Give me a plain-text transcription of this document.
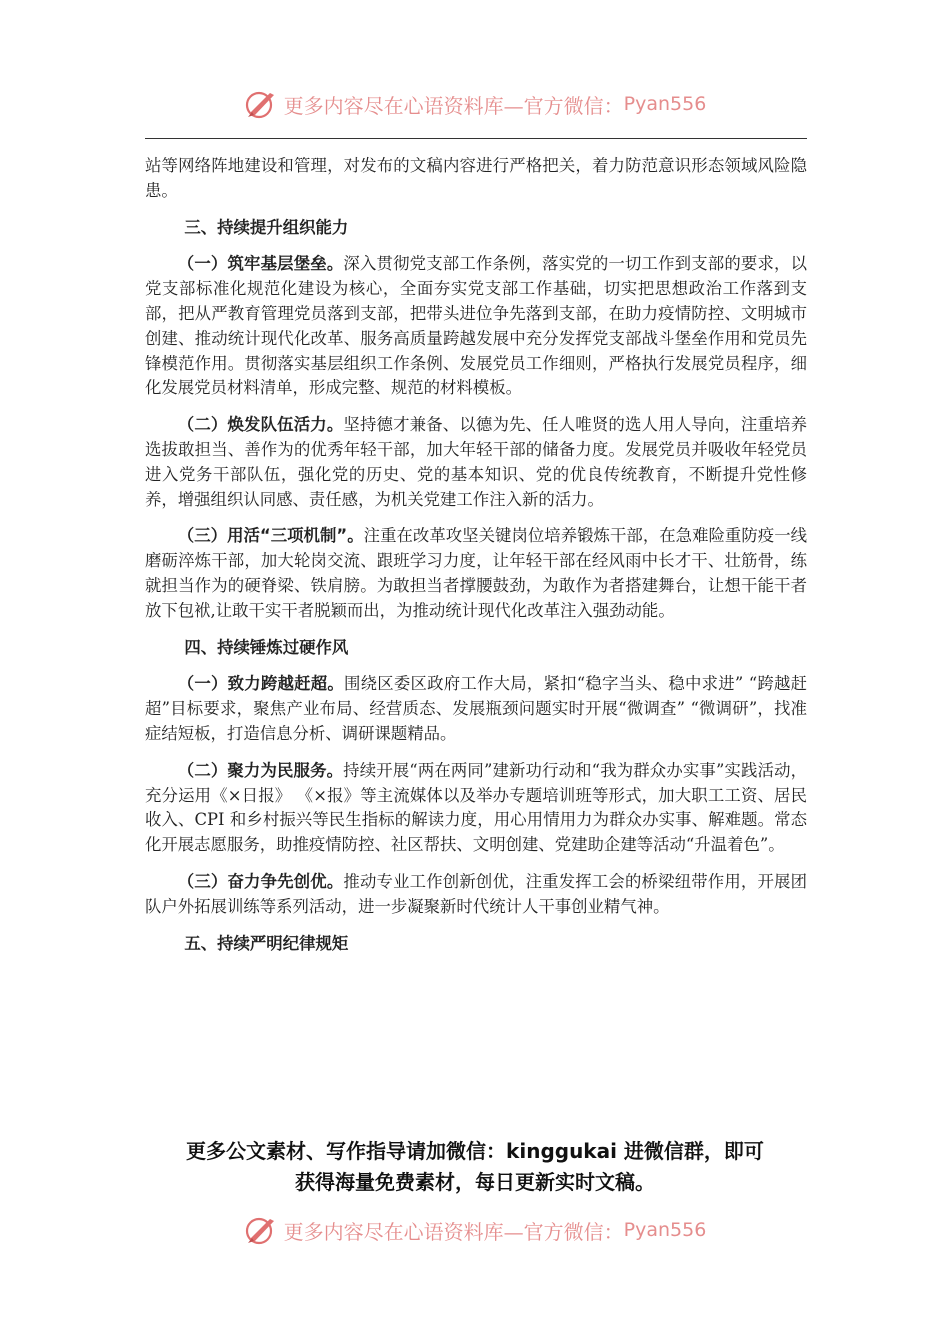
更多内容尽在心语资料库—官方微信： Pyan556

站等网络阵地建设和管理，对发布的文稿内容进行严格把关，着力防范意识形态领域风险隐患。

三、持续提升组织能力

（一）筑牢基层堡垒。深入贯彻党支部工作条例，落实党的一切工作到支部的要求，以党支部标准化规范化建设为核心，全面夯实党支部工作基础，切实把思想政治工作落到支部，把从严教育管理党员落到支部，把带头进位争先落到支部，在助力疫情防控、文明城市创建、推动统计现代化改革、服务高质量跨越发展中充分发挥党支部战斗堡垒作用和党员先锋模范作用。贯彻落实基层组织工作条例、发展党员工作细则，严格执行发展党员程序，细化发展党员材料清单，形成完整、规范的材料模板。

（二）焕发队伍活力。坚持德才兼备、以德为先、任人唯贤的选人用人导向，注重培养选拔敢担当、善作为的优秀年轻干部，加大年轻干部的储备力度。发展党员并吸收年轻党员进入党务干部队伍，强化党的历史、党的基本知识、党的优良传统教育，不断提升党性修养，增强组织认同感、责任感，为机关党建工作注入新的活力。

（三）用活“三项机制”。注重在改革攻坚关键岗位培养锻炼干部，在急难险重防疫一线磨砺淬炼干部，加大轮岗交流、跟班学习力度，让年轻干部在经风雨中长才干、壮筋骨，练就担当作为的硬脊梁、铁肩膀。为敢担当者撑腰鼓劲，为敢作为者搭建舞台，让想干能干者放下包袱,让敢干实干者脱颖而出，为推动统计现代化改革注入强劲动能。

四、持续锤炼过硬作风

（一）致力跨越赶超。围绕区委区政府工作大局，紧扣“稳字当头、稳中求进” “跨越赶超”目标要求，聚焦产业布局、经营质态、发展瓶颈问题实时开展“微调查” “微调研”，找准症结短板，打造信息分析、调研课题精品。

（二）聚力为民服务。持续开展“两在两同”建新功行动和“我为群众办实事”实践活动，充分运用《×日报》 《×报》等主流媒体以及举办专题培训班等形式，加大职工工资、居民收入、CPI 和乡村振兴等民生指标的解读力度，用心用情用力为群众办实事、解难题。常态化开展志愿服务，助推疫情防控、社区帮扶、文明创建、党建助企建等活动“升温着色”。

（三）奋力争先创优。推动专业工作创新创优，注重发挥工会的桥梁纽带作用，开展团队户外拓展训练等系列活动，进一步凝聚新时代统计人干事创业精气神。

五、持续严明纪律规矩
更多公文素材、写作指导请加微信：kinggukai 进微信群，即可
获得海量免费素材，每日更新实时文稿。
更多内容尽在心语资料库—官方微信： Pyan556
